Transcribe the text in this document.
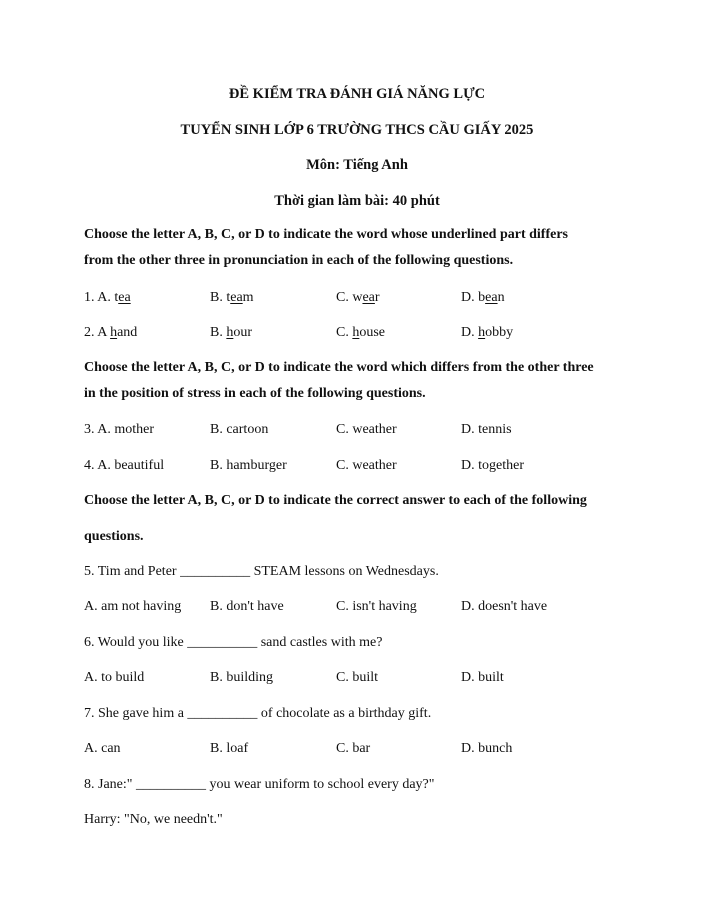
ĐỀ KIỂM TRA ĐÁNH GIÁ NĂNG LỰC
TUYỂN SINH LỚP 6 TRƯỜNG THCS CẦU GIẤY 2025
Môn: Tiếng Anh
Thời gian làm bài: 40 phút
Choose the letter A, B, C, or D to indicate the word whose underlined part differs
from the other three in pronunciation in each of the following questions.
1. A. tea	B. team	C. wear	D. bean
2. A hand	B. hour	C. house	D. hobby
Choose the letter A, B, C, or D to indicate the word which differs from the other three
in the position of stress in each of the following questions.
3. A. mother	B. cartoon	C. weather	D. tennis
4. A. beautiful	B. hamburger	C. weather	D. together
Choose the letter A, B, C, or D to indicate the correct answer to each of the following
questions.
5. Tim and Peter __________ STEAM lessons on Wednesdays.
A. am not having B. don't have	C. isn't having	D. doesn't have
6. Would you like __________ sand castles with me?
A. to build	B. building	C. built	D. built
7. She gave him a __________ of chocolate as a birthday gift.
A. can	B. loaf	C. bar	D. bunch
8. Jane:" __________ you wear uniform to school every day?"
Harry: "No, we needn't."
